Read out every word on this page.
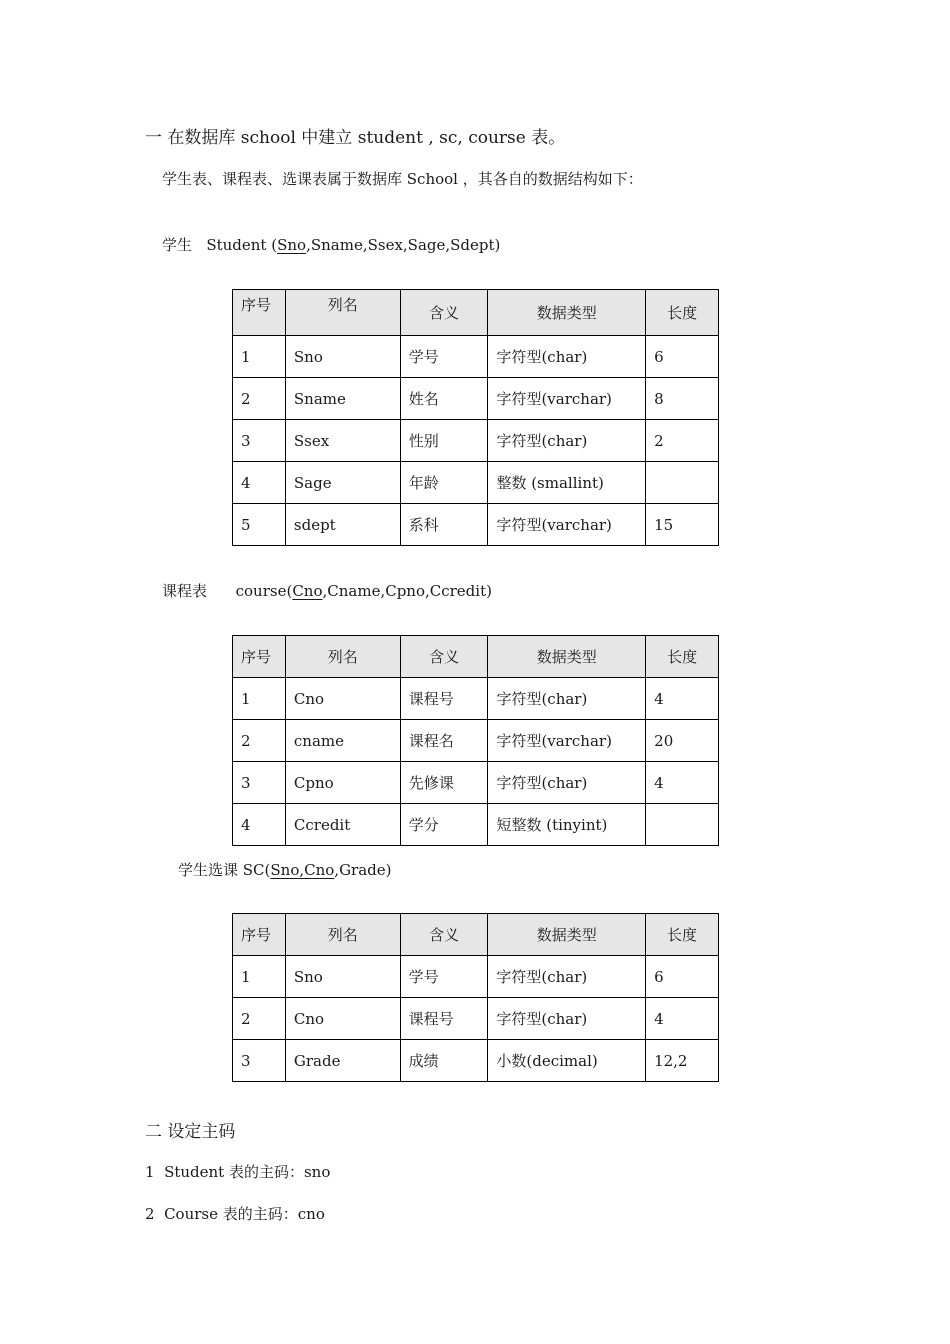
一 在数据库 school 中建立 student , sc, course 表。
学生表、课程表、选课表属于数据库 School ，其各自的数据结构如下：
学生 Student (Sno,Sname,Ssex,Sage,Sdept)
序号	列名	含义	数据类型	长度
1	Sno	学号	字符型(char)	6
2	Sname	姓名	字符型(varchar)	8
3	Ssex	性别	字符型(char)	2
4	Sage	年龄	整数 (smallint)	
5	sdept	系科	字符型(varchar)	15
课程表 course(Cno,Cname,Cpno,Ccredit)
序号	列名	含义	数据类型	长度
1	Cno	课程号	字符型(char)	4
2	cname	课程名	字符型(varchar)	20
3	Cpno	先修课	字符型(char)	4
4	Ccredit	学分	短整数 (tinyint)	
学生选课 SC(Sno,Cno,Grade)
序号	列名	含义	数据类型	长度
1	Sno	学号	字符型(char)	6
2	Cno	课程号	字符型(char)	4
3	Grade	成绩	小数(decimal)	12,2
二 设定主码
1  Student 表的主码：sno
2  Course 表的主码：cno
